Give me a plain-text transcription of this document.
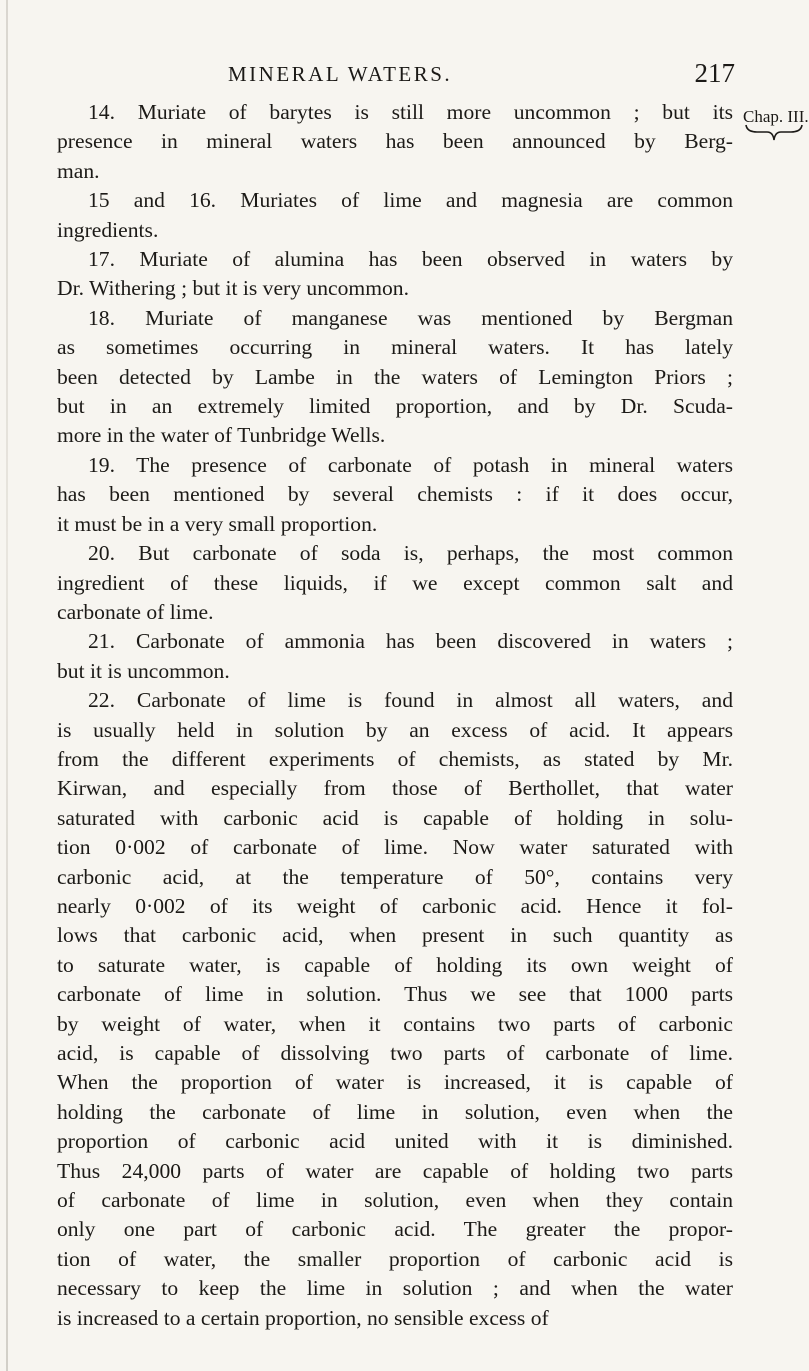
MINERAL WATERS.	217
Chap. III.

14. Muriate of barytes is still more uncommon ; but its
presence in mineral waters has been announced by Berg-
man.

15 and 16. Muriates of lime and magnesia are common
ingredients.

17. Muriate of alumina has been observed in waters by
Dr. Withering ; but it is very uncommon.

18. Muriate of manganese was mentioned by Bergman
as sometimes occurring in mineral waters. It has lately
been detected by Lambe in the waters of Lemington Priors ;
but in an extremely limited proportion, and by Dr. Scuda-
more in the water of Tunbridge Wells.

19. The presence of carbonate of potash in mineral waters
has been mentioned by several chemists : if it does occur,
it must be in a very small proportion.

20. But carbonate of soda is, perhaps, the most common
ingredient of these liquids, if we except common salt and
carbonate of lime.

21. Carbonate of ammonia has been discovered in waters ;
but it is uncommon.

22. Carbonate of lime is found in almost all waters, and
is usually held in solution by an excess of acid. It appears
from the different experiments of chemists, as stated by Mr.
Kirwan, and especially from those of Berthollet, that water
saturated with carbonic acid is capable of holding in solu-
tion 0·002 of carbonate of lime. Now water saturated with
carbonic acid, at the temperature of 50°, contains very
nearly 0·002 of its weight of carbonic acid. Hence it fol-
lows that carbonic acid, when present in such quantity as
to saturate water, is capable of holding its own weight of
carbonate of lime in solution. Thus we see that 1000 parts
by weight of water, when it contains two parts of carbonic
acid, is capable of dissolving two parts of carbonate of lime.
When the proportion of water is increased, it is capable of
holding the carbonate of lime in solution, even when the
proportion of carbonic acid united with it is diminished.
Thus 24,000 parts of water are capable of holding two parts
of carbonate of lime in solution, even when they contain
only one part of carbonic acid. The greater the propor-
tion of water, the smaller proportion of carbonic acid is
necessary to keep the lime in solution ; and when the water
is increased to a certain proportion, no sensible excess of
